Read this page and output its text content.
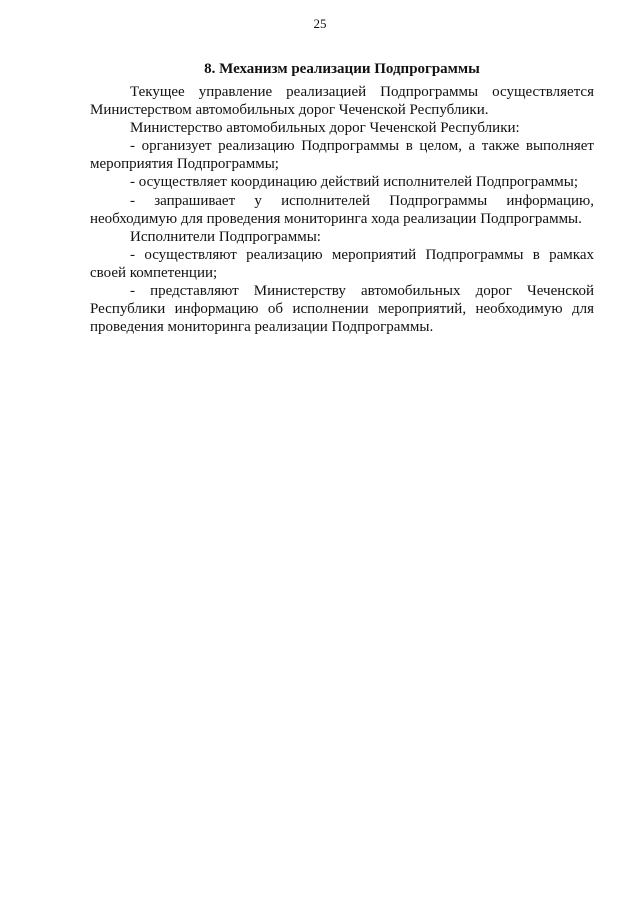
25
8. Механизм реализации Подпрограммы

Текущее управление реализацией Подпрограммы осуществляется Министерством автомобильных дорог Чеченской Республики.

Министерство автомобильных дорог Чеченской Республики:

- организует реализацию Подпрограммы в целом, а также выполняет мероприятия Подпрограммы;

- осуществляет координацию действий исполнителей Подпрограммы;

- запрашивает у исполнителей Подпрограммы информацию, необходимую для проведения мониторинга хода реализации Подпрограммы.

Исполнители Подпрограммы:

- осуществляют реализацию мероприятий Подпрограммы в рамках своей компетенции;

- представляют Министерству автомобильных дорог Чеченской Республики информацию об исполнении мероприятий, необходимую для проведения мониторинга реализации Подпрограммы.
